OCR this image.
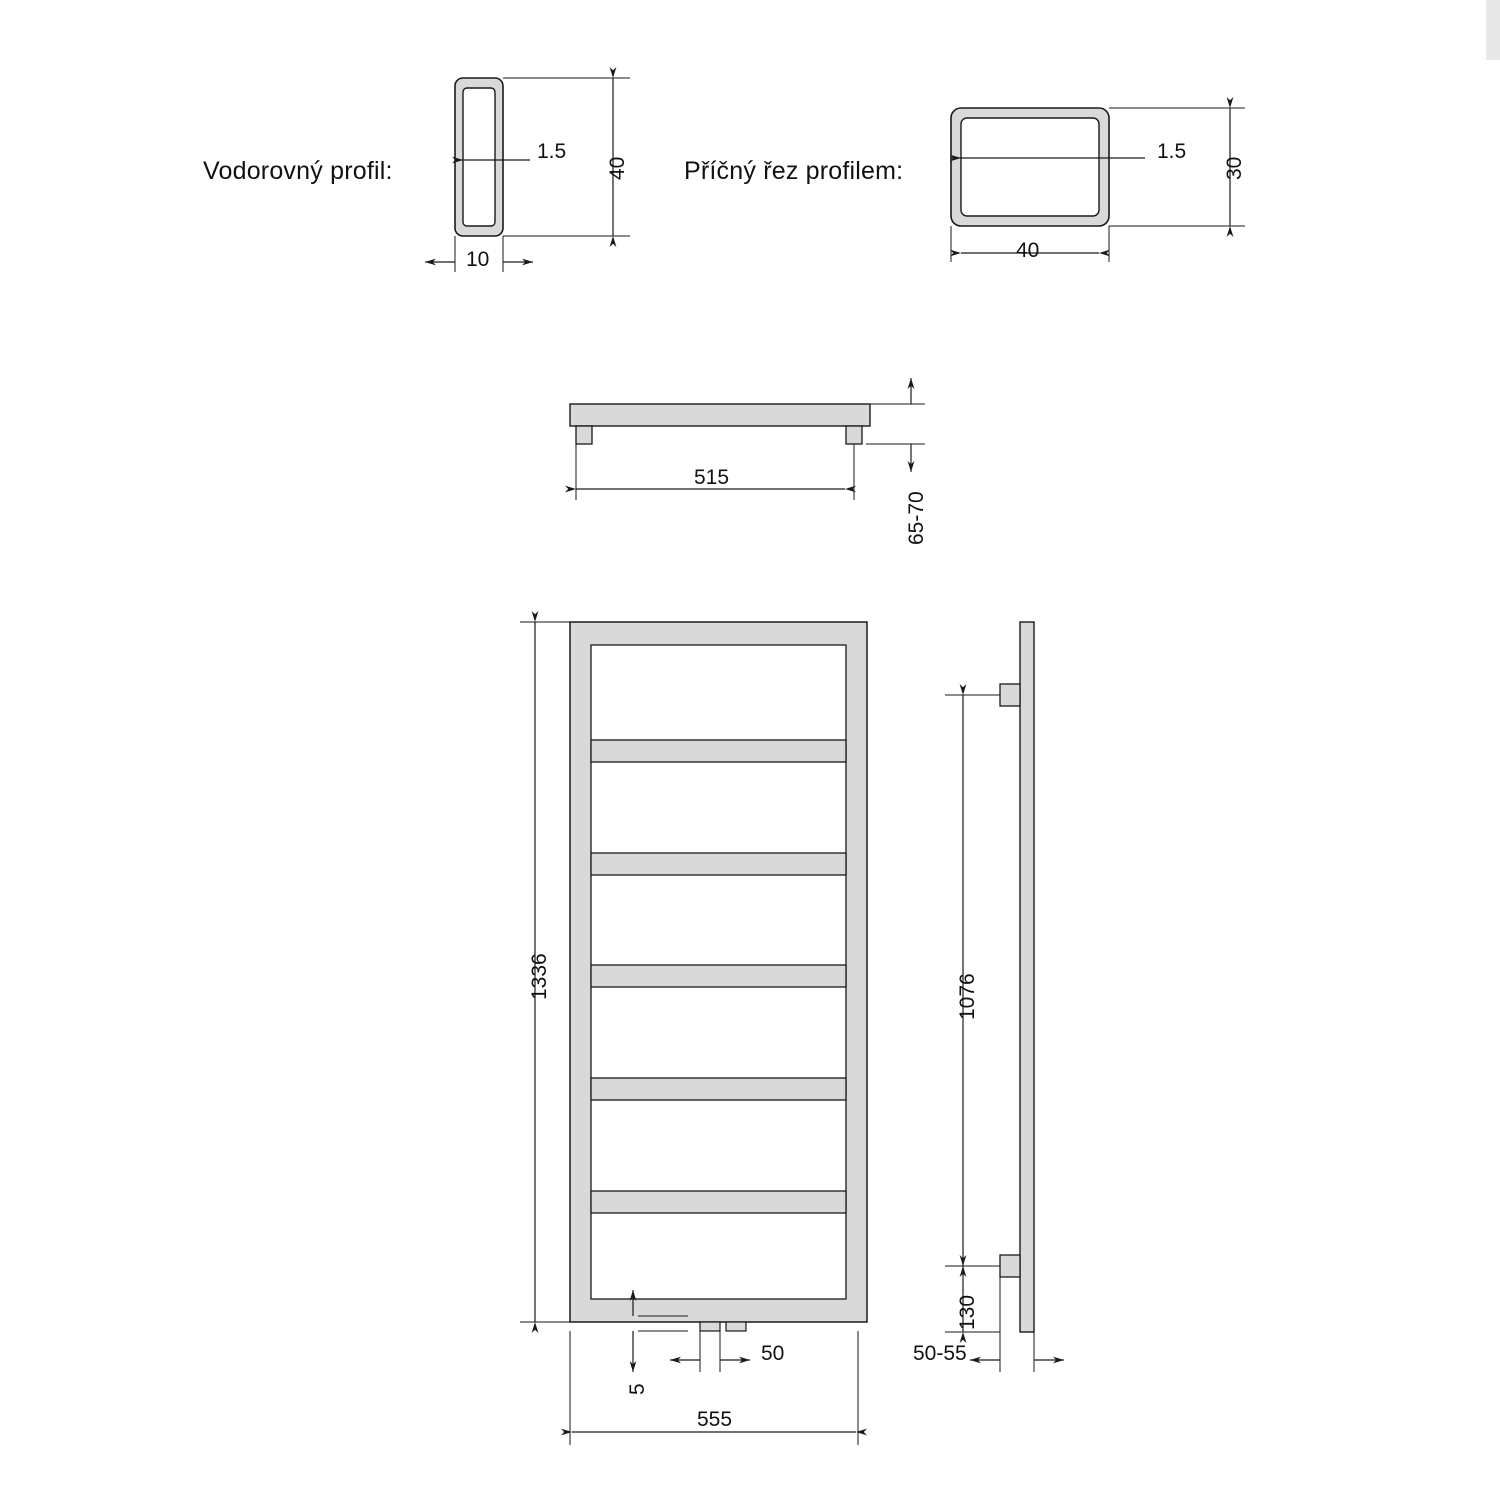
Vodorovný profil:	Příčný řez profilem:
1.5
40
10
1.5
30
40
515
65-70
1336
555
50
5
1076
130
50-55
